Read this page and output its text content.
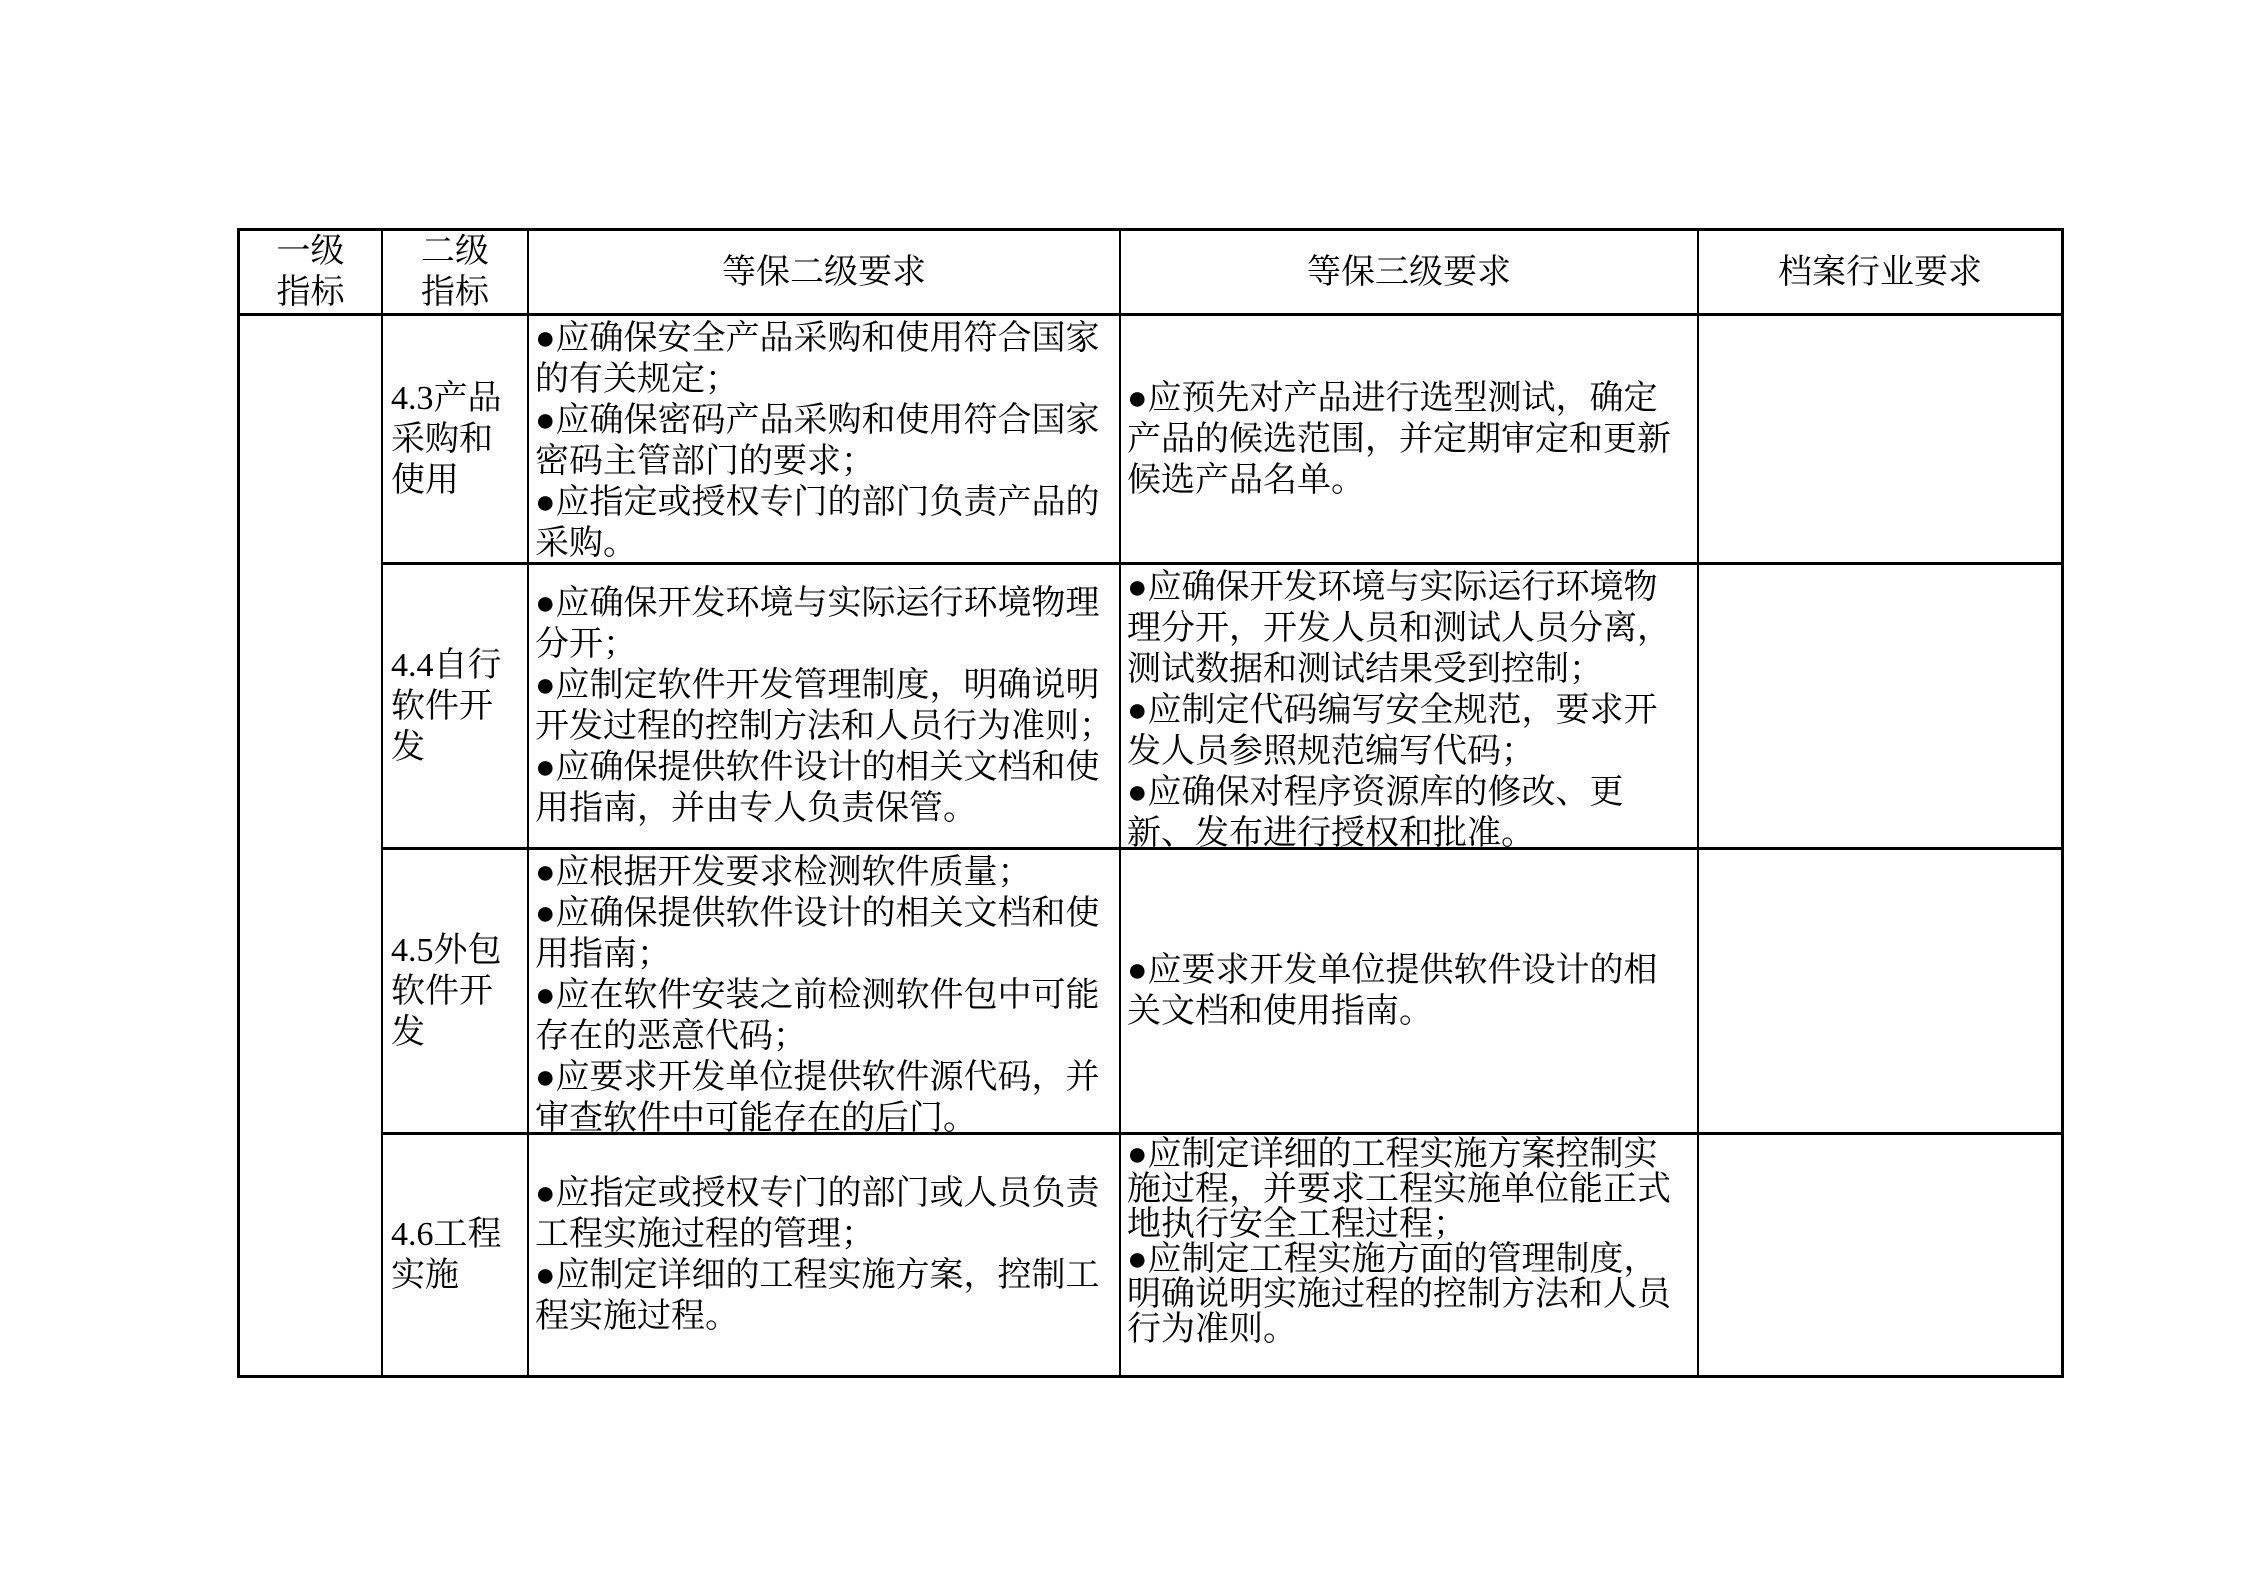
一级指标
二级指标
等保二级要求	等保三级要求	档案行业要求
4.3产品采购和使用
●应确保安全产品采购和使用符合国家的有关规定；
●应确保密码产品采购和使用符合国家密码主管部门的要求；
●应指定或授权专门的部门负责产品的采购。
●应预先对产品进行选型测试，确定产品的候选范围，并定期审定和更新候选产品名单。
4.4自行软件开发
●应确保开发环境与实际运行环境物理分开；
●应制定软件开发管理制度，明确说明开发过程的控制方法和人员行为准则；
●应确保提供软件设计的相关文档和使用指南，并由专人负责保管。
●应确保开发环境与实际运行环境物理分开，开发人员和测试人员分离，测试数据和测试结果受到控制；
●应制定代码编写安全规范，要求开发人员参照规范编写代码；
●应确保对程序资源库的修改、更新、发布进行授权和批准。
4.5外包软件开发
●应根据开发要求检测软件质量；
●应确保提供软件设计的相关文档和使用指南；
●应在软件安装之前检测软件包中可能存在的恶意代码；
●应要求开发单位提供软件源代码，并审查软件中可能存在的后门。
●应要求开发单位提供软件设计的相关文档和使用指南。
4.6工程实施
●应指定或授权专门的部门或人员负责工程实施过程的管理；
●应制定详细的工程实施方案，控制工程实施过程。
●应制定详细的工程实施方案控制实施过程，并要求工程实施单位能正式地执行安全工程过程；
●应制定工程实施方面的管理制度，明确说明实施过程的控制方法和人员行为准则。
